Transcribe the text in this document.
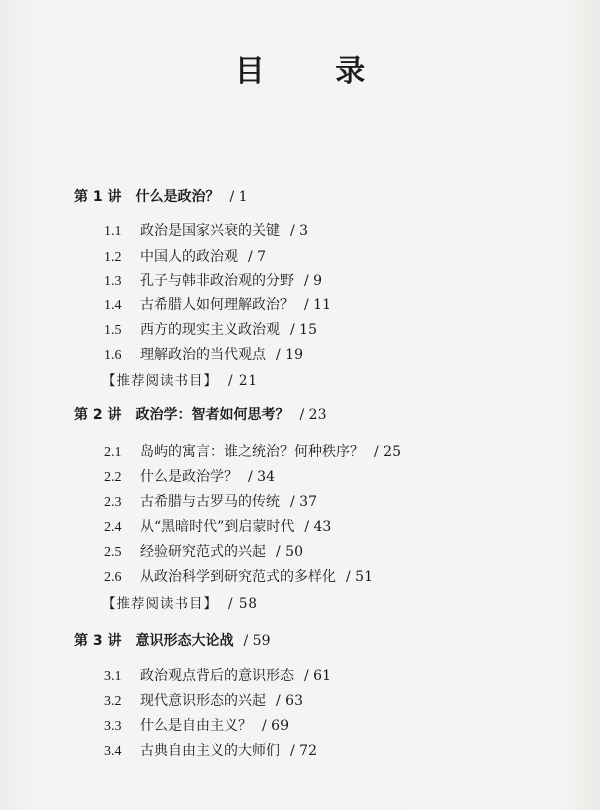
目 录
第 1 讲　什么是政治？ / 1
1.1 政治是国家兴衰的关键 / 3
1.2 中国人的政治观 / 7
1.3 孔子与韩非政治观的分野 / 9
1.4 古希腊人如何理解政治？ / 11
1.5 西方的现实主义政治观 / 15
1.6 理解政治的当代观点 / 19
【推荐阅读书目】 / 21
第 2 讲　政治学：智者如何思考？ / 23
2.1 岛屿的寓言：谁之统治？何种秩序？ / 25
2.2 什么是政治学？ / 34
2.3 古希腊与古罗马的传统 / 37
2.4 从“黑暗时代”到启蒙时代 / 43
2.5 经验研究范式的兴起 / 50
2.6 从政治科学到研究范式的多样化 / 51
【推荐阅读书目】 / 58
第 3 讲　意识形态大论战 / 59
3.1 政治观点背后的意识形态 / 61
3.2 现代意识形态的兴起 / 63
3.3 什么是自由主义？ / 69
3.4 古典自由主义的大师们 / 72
